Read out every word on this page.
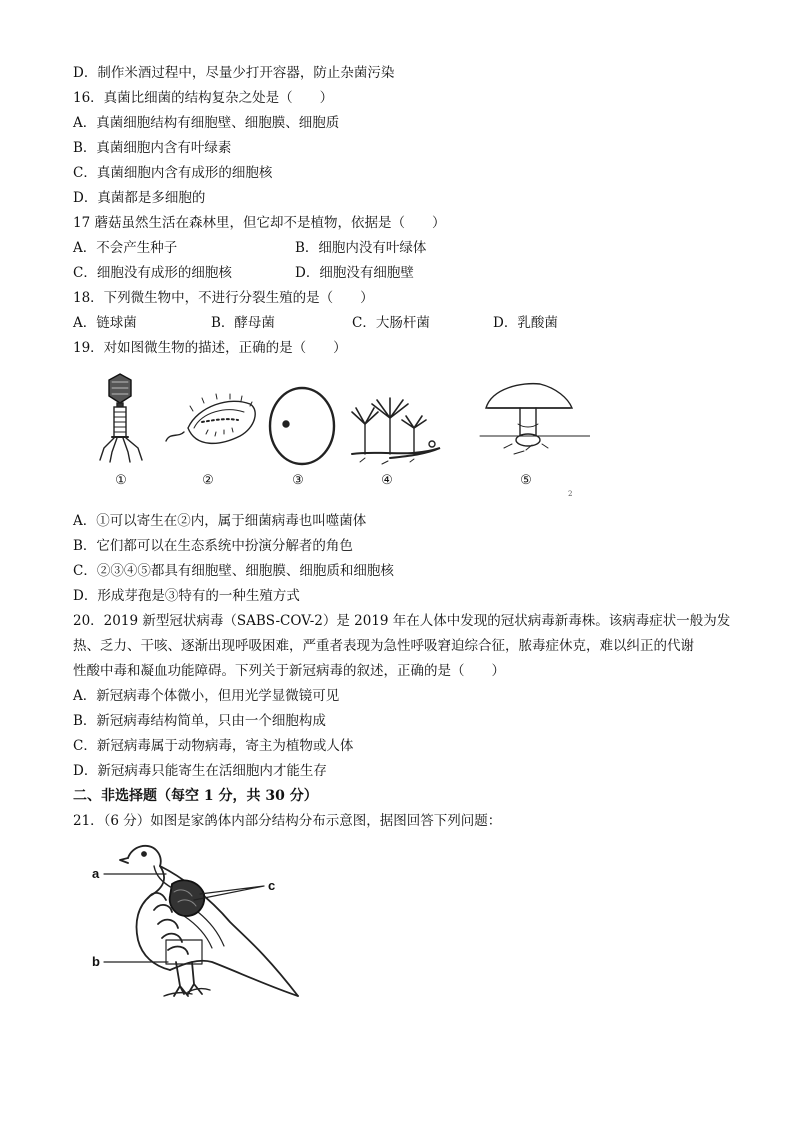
D．制作米酒过程中，尽量少打开容器，防止杂菌污染
16．真菌比细菌的结构复杂之处是（　　）
A．真菌细胞结构有细胞壁、细胞膜、细胞质
B．真菌细胞内含有叶绿素
C．真菌细胞内含有成形的细胞核
D．真菌都是多细胞的
17 蘑菇虽然生活在森林里，但它却不是植物，依据是（　　）
A．不会产生种子	B．细胞内没有叶绿体
C．细胞没有成形的细胞核	D．细胞没有细胞壁
18．下列微生物中，不进行分裂生殖的是（　　）
A．链球菌	B．酵母菌	C．大肠杆菌	D．乳酸菌
19．对如图微生物的描述，正确的是（　　）
①	②	③	④	⑤
2
A．①可以寄生在②内，属于细菌病毒也叫噬菌体
B．它们都可以在生态系统中扮演分解者的角色
C．②③④⑤都具有细胞壁、细胞膜、细胞质和细胞核
D．形成芽孢是③特有的一种生殖方式
20．2019 新型冠状病毒（SABS-COV-2）是 2019 年在人体中发现的冠状病毒新毒株。该病毒症状一般为发
热、乏力、干咳、逐渐出现呼吸困难，严重者表现为急性呼吸窘迫综合征，脓毒症休克，难以纠正的代谢
性酸中毒和凝血功能障碍。下列关于新冠病毒的叙述，正确的是（　　）
A．新冠病毒个体微小，但用光学显微镜可见
B．新冠病毒结构简单，只由一个细胞构成
C．新冠病毒属于动物病毒，寄主为植物或人体
D．新冠病毒只能寄生在活细胞内才能生存
二、非选择题（每空 1 分，共 30 分）
21．（6 分）如图是家鸽体内部分结构分布示意图，据图回答下列问题：
a
b
c
